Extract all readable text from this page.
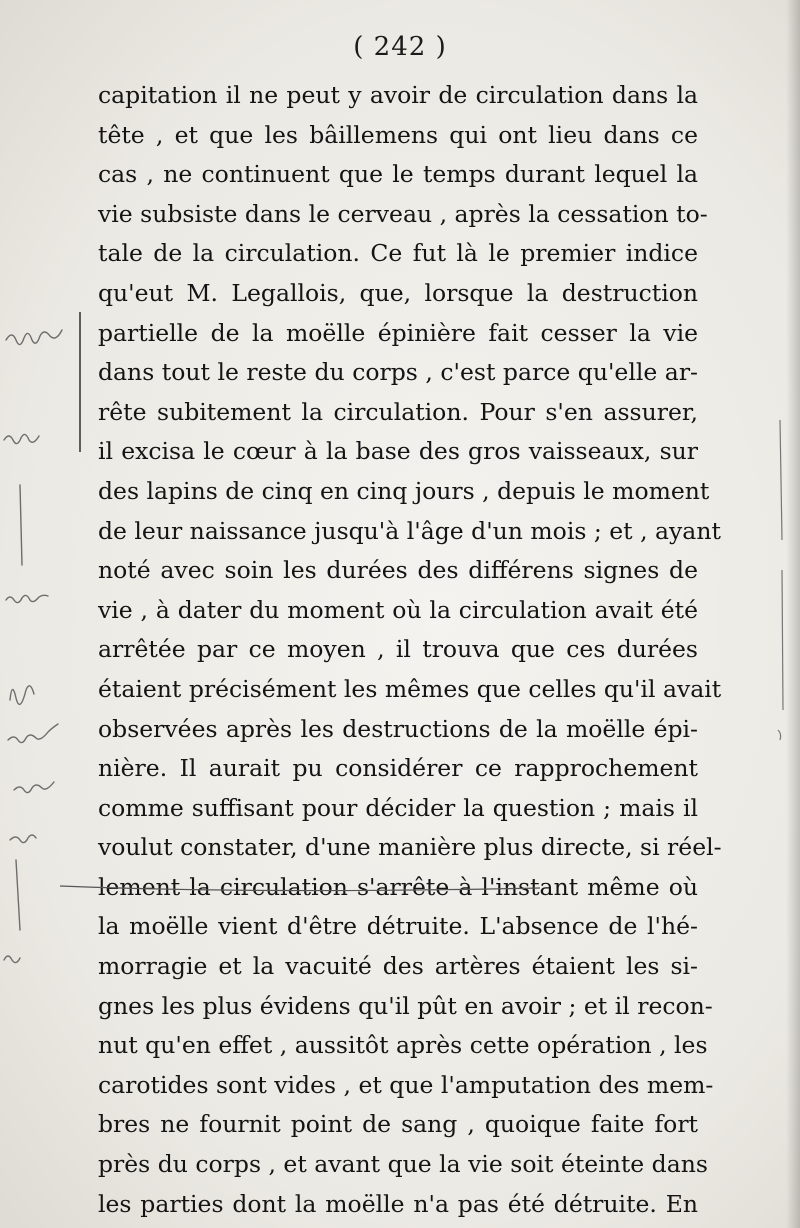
( 242 )
capitation il ne peut y avoir de circulation dans la
tête , et que les bâillemens qui ont lieu dans ce
cas , ne continuent que le temps durant lequel la
vie subsiste dans le cerveau , après la cessation to-
tale de la circulation. Ce fut là le premier indice
qu'eut M. Legallois, que, lorsque la destruction
partielle de la moëlle épinière fait cesser la vie
dans tout le reste du corps , c'est parce qu'elle ar-
rête subitement la circulation. Pour s'en assurer,
il excisa le cœur à la base des gros vaisseaux, sur
des lapins de cinq en cinq jours , depuis le moment
de leur naissance jusqu'à l'âge d'un mois ; et , ayant
noté avec soin les durées des différens signes de
vie , à dater du moment où la circulation avait été
arrêtée par ce moyen , il trouva que ces durées
étaient précisément les mêmes que celles qu'il avait
observées après les destructions de la moëlle épi-
nière. Il aurait pu considérer ce rapprochement
comme suffisant pour décider la question ; mais il
voulut constater, d'une manière plus directe, si réel-
lement la circulation s'arrête à l'instant même où
la moëlle vient d'être détruite. L'absence de l'hé-
morragie et la vacuité des artères étaient les si-
gnes les plus évidens qu'il pût en avoir ; et il recon-
nut qu'en effet , aussitôt après cette opération , les
carotides sont vides , et que l'amputation des mem-
bres ne fournit point de sang , quoique faite fort
près du corps , et avant que la vie soit éteinte dans
les parties dont la moëlle n'a pas été détruite. En
